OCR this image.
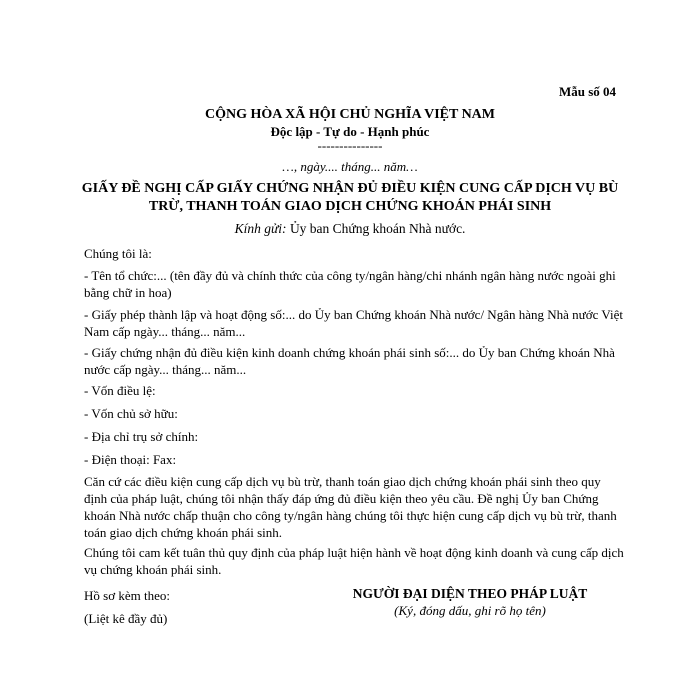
Mẫu số 04
CỘNG HÒA XÃ HỘI CHỦ NGHĨA VIỆT NAM
Độc lập - Tự do - Hạnh phúc
---------------
…, ngày.... tháng... năm…
GIẤY ĐỀ NGHỊ CẤP GIẤY CHỨNG NHẬN ĐỦ ĐIỀU KIỆN CUNG CẤP DỊCH VỤ BÙ TRỪ, THANH TOÁN GIAO DỊCH CHỨNG KHOÁN PHÁI SINH
Kính gửi: Ủy ban Chứng khoán Nhà nước.
Chúng tôi là:
- Tên tổ chức:... (tên đầy đủ và chính thức của công ty/ngân hàng/chi nhánh ngân hàng nước ngoài ghi bằng chữ in hoa)
- Giấy phép thành lập và hoạt động số:... do Ủy ban Chứng khoán Nhà nước/ Ngân hàng Nhà nước Việt Nam cấp ngày... tháng... năm...
- Giấy chứng nhận đủ điều kiện kinh doanh chứng khoán phái sinh số:... do Ủy ban Chứng khoán Nhà nước cấp ngày... tháng... năm...
- Vốn điều lệ:
- Vốn chủ sở hữu:
- Địa chỉ trụ sở chính:
- Điện thoại: Fax:
Căn cứ các điều kiện cung cấp dịch vụ bù trừ, thanh toán giao dịch chứng khoán phái sinh theo quy định của pháp luật, chúng tôi nhận thấy đáp ứng đủ điều kiện theo yêu cầu. Đề nghị Ủy ban Chứng khoán Nhà nước chấp thuận cho công ty/ngân hàng chúng tôi thực hiện cung cấp dịch vụ bù trừ, thanh toán giao dịch chứng khoán phái sinh.
Chúng tôi cam kết tuân thủ quy định của pháp luật hiện hành về hoạt động kinh doanh và cung cấp dịch vụ chứng khoán phái sinh.
Hồ sơ kèm theo:
(Liệt kê đầy đủ)
NGƯỜI ĐẠI DIỆN THEO PHÁP LUẬT
(Ký, đóng dấu, ghi rõ họ tên)
